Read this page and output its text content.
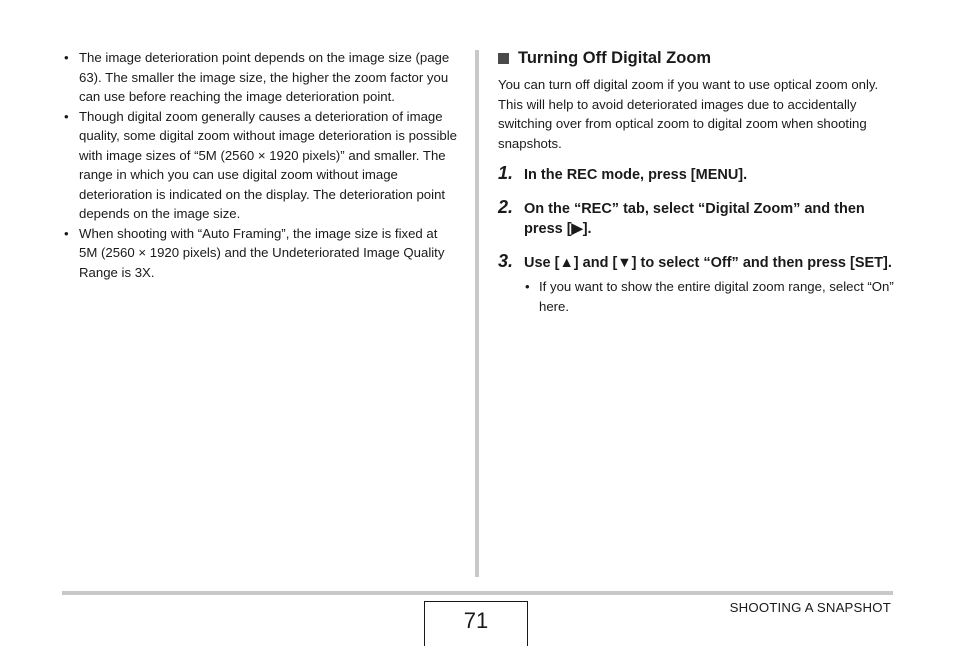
• The image deterioration point depends on the image size (page 63). The smaller the image size, the higher the zoom factor you can use before reaching the image deterioration point.
• Though digital zoom generally causes a deterioration of image quality, some digital zoom without image deterioration is possible with image sizes of “5M (2560 × 1920 pixels)” and smaller. The range in which you can use digital zoom without image deterioration is indicated on the display. The deterioration point depends on the image size.
• When shooting with “Auto Framing”, the image size is fixed at 5M (2560 × 1920 pixels) and the Undeteriorated Image Quality Range is 3X.
Turning Off Digital Zoom

You can turn off digital zoom if you want to use optical zoom only. This will help to avoid deteriorated images due to accidentally switching over from optical zoom to digital zoom when shooting snapshots.

1. In the REC mode, press [MENU].
2. On the “REC” tab, select “Digital Zoom” and then press [▶].
3. Use [▲] and [▼] to select “Off” and then press [SET].
• If you want to show the entire digital zoom range, select “On” here.
71
SHOOTING A SNAPSHOT
